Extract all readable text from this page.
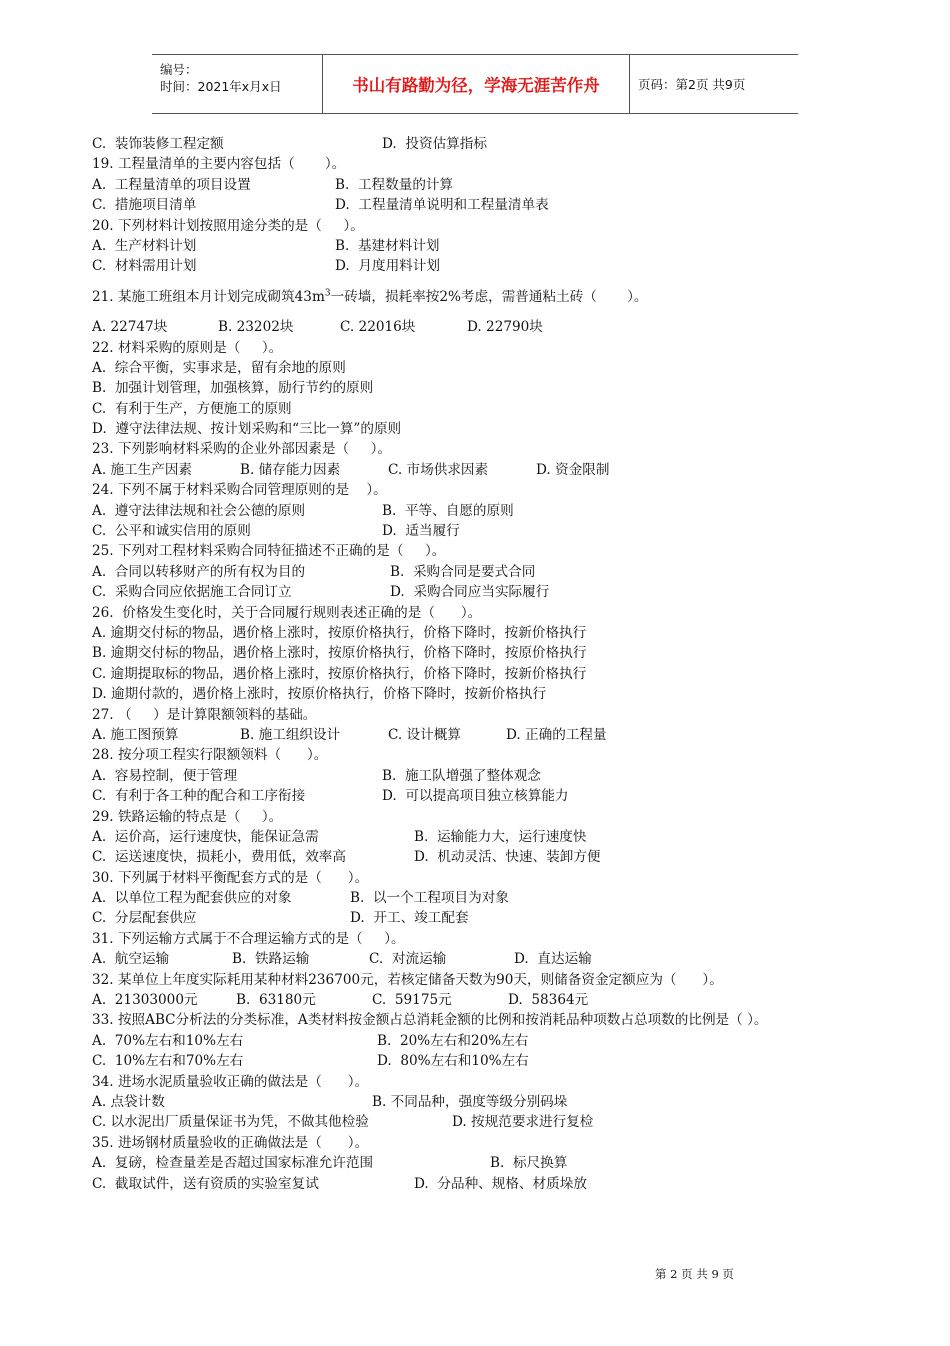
编号：
时间：2021年x月x日	书山有路勤为径，学海无涯苦作舟	页码：第2页 共9页
C.  装饰装修工程定额	D.  投资估算指标
19. 工程量清单的主要内容包括（       ）。
A.  工程量清单的项目设置	B.  工程数量的计算
C.  措施项目清单	D.  工程量清单说明和工程量清单表
20. 下列材料计划按照用途分类的是（     ）。
A.  生产材料计划	B.  基建材料计划
C.  材料需用计划	D.  月度用料计划
21. 某施工班组本月计划完成砌筑$43m^3$一砖墙，损耗率按2%考虑，需普通粘土砖（       ）。
A. 22747块	B. 23202块	C. 22016块	D. 22790块
22. 材料采购的原则是（     ）。
A.  综合平衡，实事求是，留有余地的原则
B.  加强计划管理，加强核算，励行节约的原则
C.  有利于生产，方便施工的原则
D.  遵守法律法规、按计划采购和“三比一算”的原则
23. 下列影响材料采购的企业外部因素是（     ）。
A. 施工生产因素	B. 储存能力因素	C. 市场供求因素	D. 资金限制
24. 下列不属于材料采购合同管理原则的是    ）。
A.  遵守法律法规和社会公德的原则	B.  平等、自愿的原则
C.  公平和诚实信用的原则	D.  适当履行
25. 下列对工程材料采购合同特征描述不正确的是（     ）。
A.  合同以转移财产的所有权为目的	B.  采购合同是要式合同
C.  采购合同应依据施工合同订立	D.  采购合同应当实际履行
26.  价格发生变化时，关于合同履行规则表述正确的是（      ）。
A. 逾期交付标的物品，遇价格上涨时，按原价格执行，价格下降时，按新价格执行
B. 逾期交付标的物品，遇价格上涨时，按原价格执行，价格下降时，按原价格执行
C. 逾期提取标的物品，遇价格上涨时，按原价格执行，价格下降时，按新价格执行
D. 逾期付款的，遇价格上涨时，按原价格执行，价格下降时，按新价格执行
27. （     ）是计算限额领料的基础。
A. 施工图预算	B. 施工组织设计	C. 设计概算	D. 正确的工程量
28. 按分项工程实行限额领料（      ）。
A.  容易控制，便于管理	B.  施工队增强了整体观念
C.  有利于各工种的配合和工序衔接	D.  可以提高项目独立核算能力
29. 铁路运输的特点是（     ）。
A.  运价高，运行速度快，能保证急需	B.  运输能力大，运行速度快
C.  运送速度快，损耗小，费用低，效率高	D.  机动灵活、快速、装卸方便
30. 下列属于材料平衡配套方式的是（      ）。
A.  以单位工程为配套供应的对象	B.  以一个工程项目为对象
C.  分层配套供应	D.  开工、竣工配套
31. 下列运输方式属于不合理运输方式的是（     ）。
A.  航空运输	B.  铁路运输	C.  对流运输	D.  直达运输
32. 某单位上年度实际耗用某种材料236700元，若核定储备天数为90天，则储备资金定额应为（      ）。
A.  21303000元	B.  63180元	C.  59175元	D.  58364元
33. 按照ABC分析法的分类标准，A类材料按金额占总消耗金额的比例和按消耗品种项数占总项数的比例是（ ）。
A.  70%左右和10%左右	B.  20%左右和20%左右
C.  10%左右和70%左右	D.  80%左右和10%左右
34. 进场水泥质量验收正确的做法是（      ）。
A. 点袋计数	B. 不同品种，强度等级分别码垛
C. 以水泥出厂质量保证书为凭，不做其他检验	D. 按规范要求进行复检
35. 进场钢材质量验收的正确做法是（      ）。
A.  复磅，检查量差是否超过国家标准允许范围	B.  标尺换算
C.  截取试件，送有资质的实验室复试	D.  分品种、规格、材质垛放
第 2 页 共 9 页
